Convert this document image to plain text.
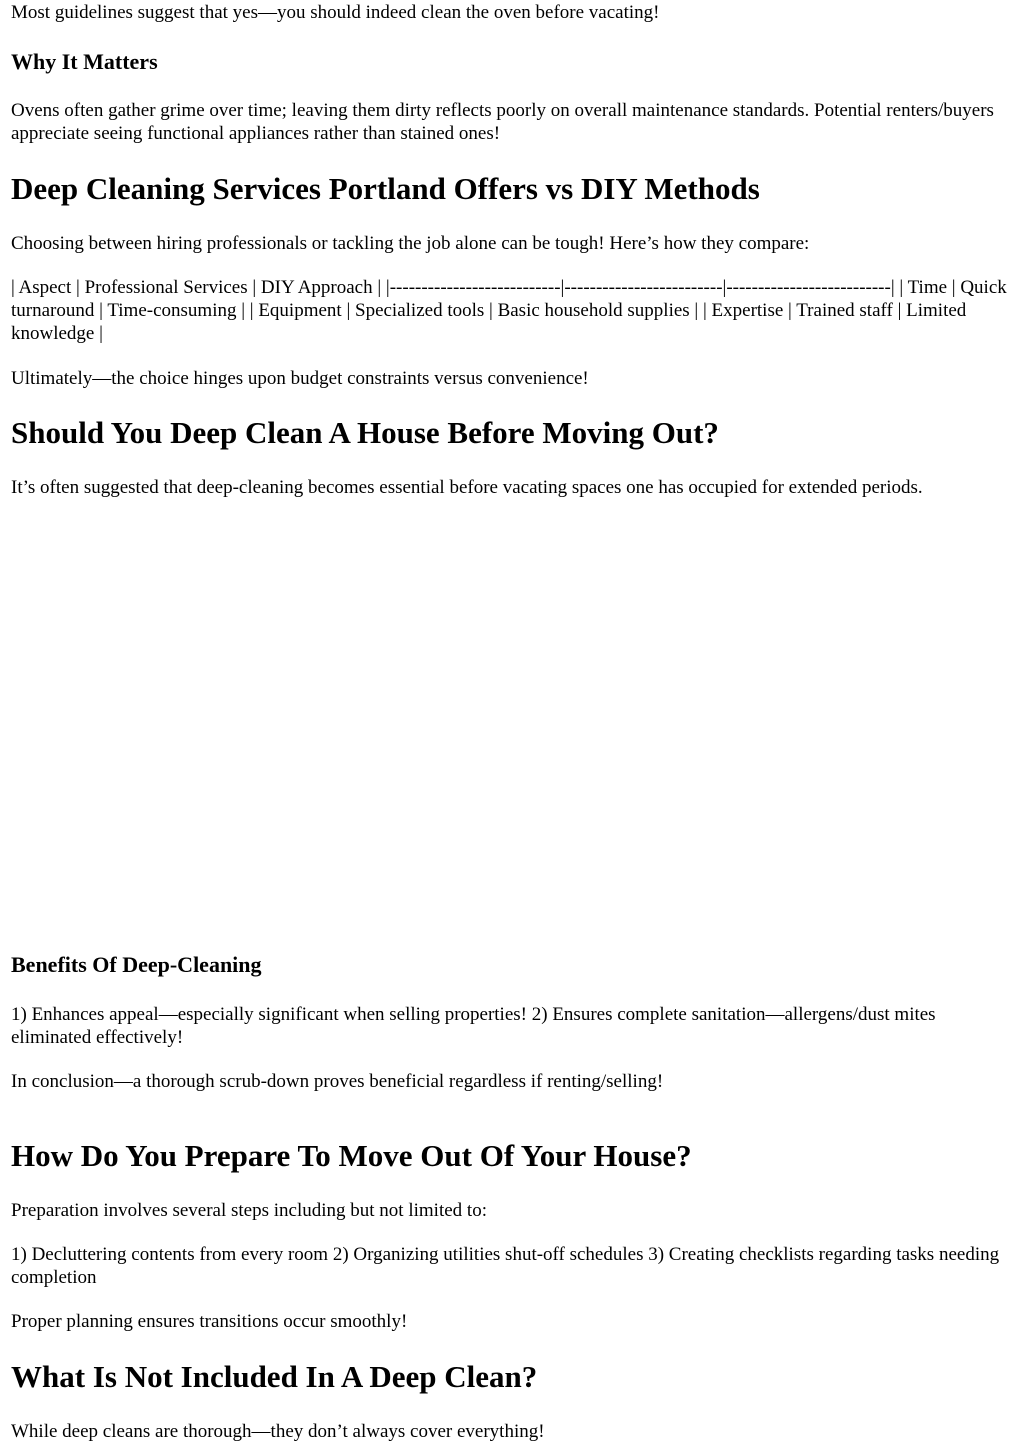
Most guidelines suggest that yes—you should indeed clean the oven before vacating!

Why It Matters

Ovens often gather grime over time; leaving them dirty reflects poorly on overall maintenance standards. Potential renters/buyers appreciate seeing functional appliances rather than stained ones!

Deep Cleaning Services Portland Offers vs DIY Methods

Choosing between hiring professionals or tackling the job alone can be tough! Here’s how they compare:

| Aspect | Professional Services | DIY Approach | |---------------------------|-------------------------|--------------------------| | Time | Quick turnaround | Time-consuming | | Equipment | Specialized tools | Basic household supplies | | Expertise | Trained staff | Limited knowledge |

Ultimately—the choice hinges upon budget constraints versus convenience!

Should You Deep Clean A House Before Moving Out?

It’s often suggested that deep-cleaning becomes essential before vacating spaces one has occupied for extended periods.

Benefits Of Deep-Cleaning

1) Enhances appeal—especially significant when selling properties! 2) Ensures complete sanitation—allergens/dust mites eliminated effectively!

In conclusion—a thorough scrub-down proves beneficial regardless if renting/selling!

How Do You Prepare To Move Out Of Your House?

Preparation involves several steps including but not limited to:

1) Decluttering contents from every room 2) Organizing utilities shut-off schedules 3) Creating checklists regarding tasks needing completion

Proper planning ensures transitions occur smoothly!

What Is Not Included In A Deep Clean?

While deep cleans are thorough—they don’t always cover everything!
